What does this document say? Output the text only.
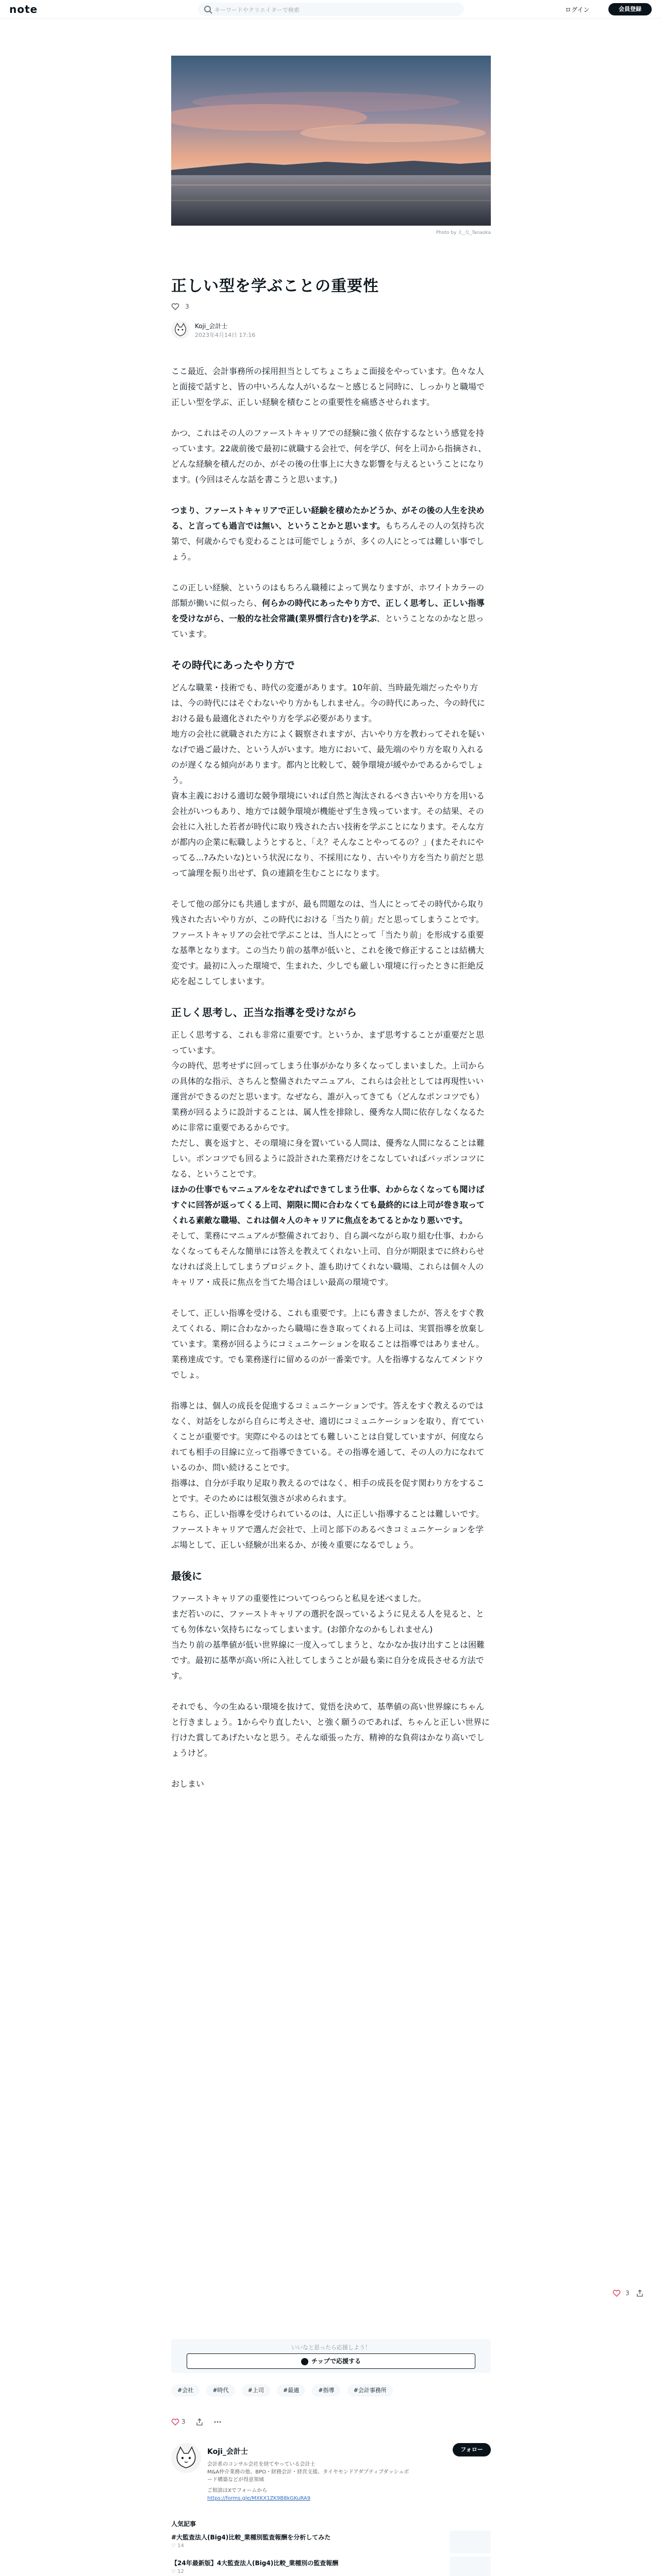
note	キーワードやクリエイターで検索	ログイン	会員登録
Photo by え_な_Tanaoka
正しい型を学ぶことの重要性
3
Koji_会計士
2023年4月14日 17:16

ここ最近、会計事務所の採用担当としてちょこちょこ面接をやっています。色々な人と面接で話すと、皆の中いろんな人がいるな～と感じると同時に、しっかりと職場で正しい型を学ぶ、正しい経験を積むことの重要性を痛感させられます。

かつ、これはその人のファーストキャリアでの経験に強く依存するなという感覚を持っています。22歳前後で最初に就職する会社で、何を学び、何を上司から指摘され、どんな経験を積んだのか、がその後の仕事上に大きな影響を与えるということになります。(今回はそんな話を書こうと思います。)

つまり、ファーストキャリアで正しい経験を積めたかどうか、がその後の人生を決める、と言っても過言では無い、ということかと思います。もちろんその人の気持ち次第で、何歳からでも変わることは可能でしょうが、多くの人にとっては難しい事でしょう。

この正しい経験、というのはもちろん職種によって異なりますが、ホワイトカラーの部類が働いに似ったら、何らかの時代にあったやり方で、正しく思考し、正しい指導を受けながら、一般的な社会常識(業界慣行含む)を学ぶ、ということなのかなと思っています。

その時代にあったやり方で

どんな職業・技術でも、時代の変遷があります。10年前、当時最先端だったやり方は、今の時代にはそぐわないやり方かもしれません。今の時代にあった、今の時代における最も最適化されたやり方を学ぶ必要があります。

地方の会社に就職された方によく観察されますが、古いやり方を教わってそれを疑いなげで過ご最けた、という人がいます。地方において、最先端のやり方を取り入れるのが遅くなる傾向があります。都内と比較して、競争環境が緩やかであるからでしょう。

資本主義における適切な競争環境にいれば自然と淘汰されるべき古いやり方を用いる会社がいつもあり、地方では競争環境が機能せず生き残っています。その結果、その会社に入社した若者が時代に取り残された古い技術を学ぶことになります。そんな方が都内の企業に転職しようとすると、「え？そんなことやってるの？」(またそれにやってる...?みたいな)という状況になり、不採用になり、古いやり方を当たり前だと思って論理を振り出せず、負の連鎖を生むことになります。

そして他の部分にも共通しますが、最も問題なのは、当人にとってその時代から取り残された古いやり方が、この時代における「当たり前」だと思ってしまうことです。ファーストキャリアの会社で学ぶことは、当人にとって「当たり前」を形成する重要な基準となります。この当たり前の基準が低いと、これを後で修正することは結構大変です。最初に入った環境で、生まれた、少しでも厳しい環境に行ったときに拒絶反応を起こしてしまいます。

正しく思考し、正当な指導を受けながら

正しく思考する、これも非常に重要です。というか、まず思考することが重要だと思っています。

今の時代、思考せずに回ってしまう仕事がかなり多くなってしまいました。上司からの具体的な指示、さちんと整備されたマニュアル、これらは会社としては再現性いい運営ができるのだと思います。なぜなら、誰が入ってきても（どんなポンコツでも）業務が回るように設計することは、属人性を排除し、優秀な人間に依存しなくなるために非常に重要であるからです。

ただし、裏を返すと、その環境に身を置いている人間は、優秀な人間になることは難しい。ポンコツでも回るように設計された業務だけをこなしていればパッポンコツになる、ということです。

ほかの仕事でもマニュアルをなぞればできてしまう仕事、わからなくなっても聞けばすぐに回答が返ってくる上司、期限に間に合わなくても最終的には上司が巻き取ってくれる素敵な職場、これは個々人のキャリアに焦点をあてるとかなり悪いです。

そして、業務にマニュアルが整備されており、自ら調べながら取り組む仕事、わからなくなってもそんな簡単には答えを教えてくれない上司、自分が期限までに終わらせなければ炎上してしまうプロジェクト、誰も助けてくれない職場、これらは個々人のキャリア・成長に焦点を当てた場合ほしい最高の環境です。

そして、正しい指導を受ける、これも重要です。上にも書きましたが、答えをすぐ教えてくれる、期に合わなかったら職場に巻き取ってくれる上司は、実質指導を放棄しています。業務が回るようにコミュニケーションを取ることは指導ではありません。業務達成です。でも業務遂行に留めるのが一番楽です。人を指導するなんてメンドウでしょ。

指導とは、個人の成長を促進するコミュニケーションです。答えをすぐ教えるのではなく、対話をしながら自らに考えさせ、適切にコミュニケーションを取り、育てていくことが重要です。実際にやるのはとても難しいことは自覚していますが、何度なられても相手の目線に立って指導できている。その指導を通して、その人の力になれているのか、問い続けることです。

指導は、自分が手取り足取り教えるのではなく、相手の成長を促す関わり方をすることです。そのためには根気強さが求められます。

こちら、正しい指導を受けられているのは、人に正しい指導することは難しいです。ファーストキャリアで選んだ会社で、上司と部下のあるべきコミュニケーションを学ぶ場として、正しい経験が出来るか、が後々重要になるでしょう。

最後に

ファーストキャリアの重要性についてつらつらと私見を述べました。

まだ若いのに、ファーストキャリアの選択を誤っているように見える人を見ると、とても勿体ない気持ちになってしまいます。(お節介なのかもしれません)

当たり前の基準値が低い世界線に一度入ってしまうと、なかなか抜け出すことは困難です。最初に基準が高い所に入社してしまうことが最も楽に自分を成長させる方法です。

それでも、今の生ぬるい環境を抜けて、覚悟を決めて、基準値の高い世界線にちゃんと行きましょう。1からやり直したい、と強く願うのであれば、ちゃんと正しい世界に行けた賞してあげたいなと思う。そんな頑張った方、精神的な負荷はかなり高いでしょうけど。

おしまい

3
いいなと思ったら応援しよう！
チップで応援する
#会社	#時代	#上司	#最適	#指導	#会計事務所
3
Koji_会計士	フォロー
会計系のコンサル会社を経てやっている会計士
M&A仲介業務の他、BPO・財務会計・経営支援、タイヤモンドアダプティブダッシュボード構築などが得意領域
ご相談はXでフォームから
https://forms.gle/MXKX1ZK9B8kGKuRA9
人気記事
#大監査法人(Big4)比較_業種別監査報酬を分析してみた
♡ 14
【24年最新版】4大監査法人(Big4)比較_業種別の監査報酬
♡ 12
